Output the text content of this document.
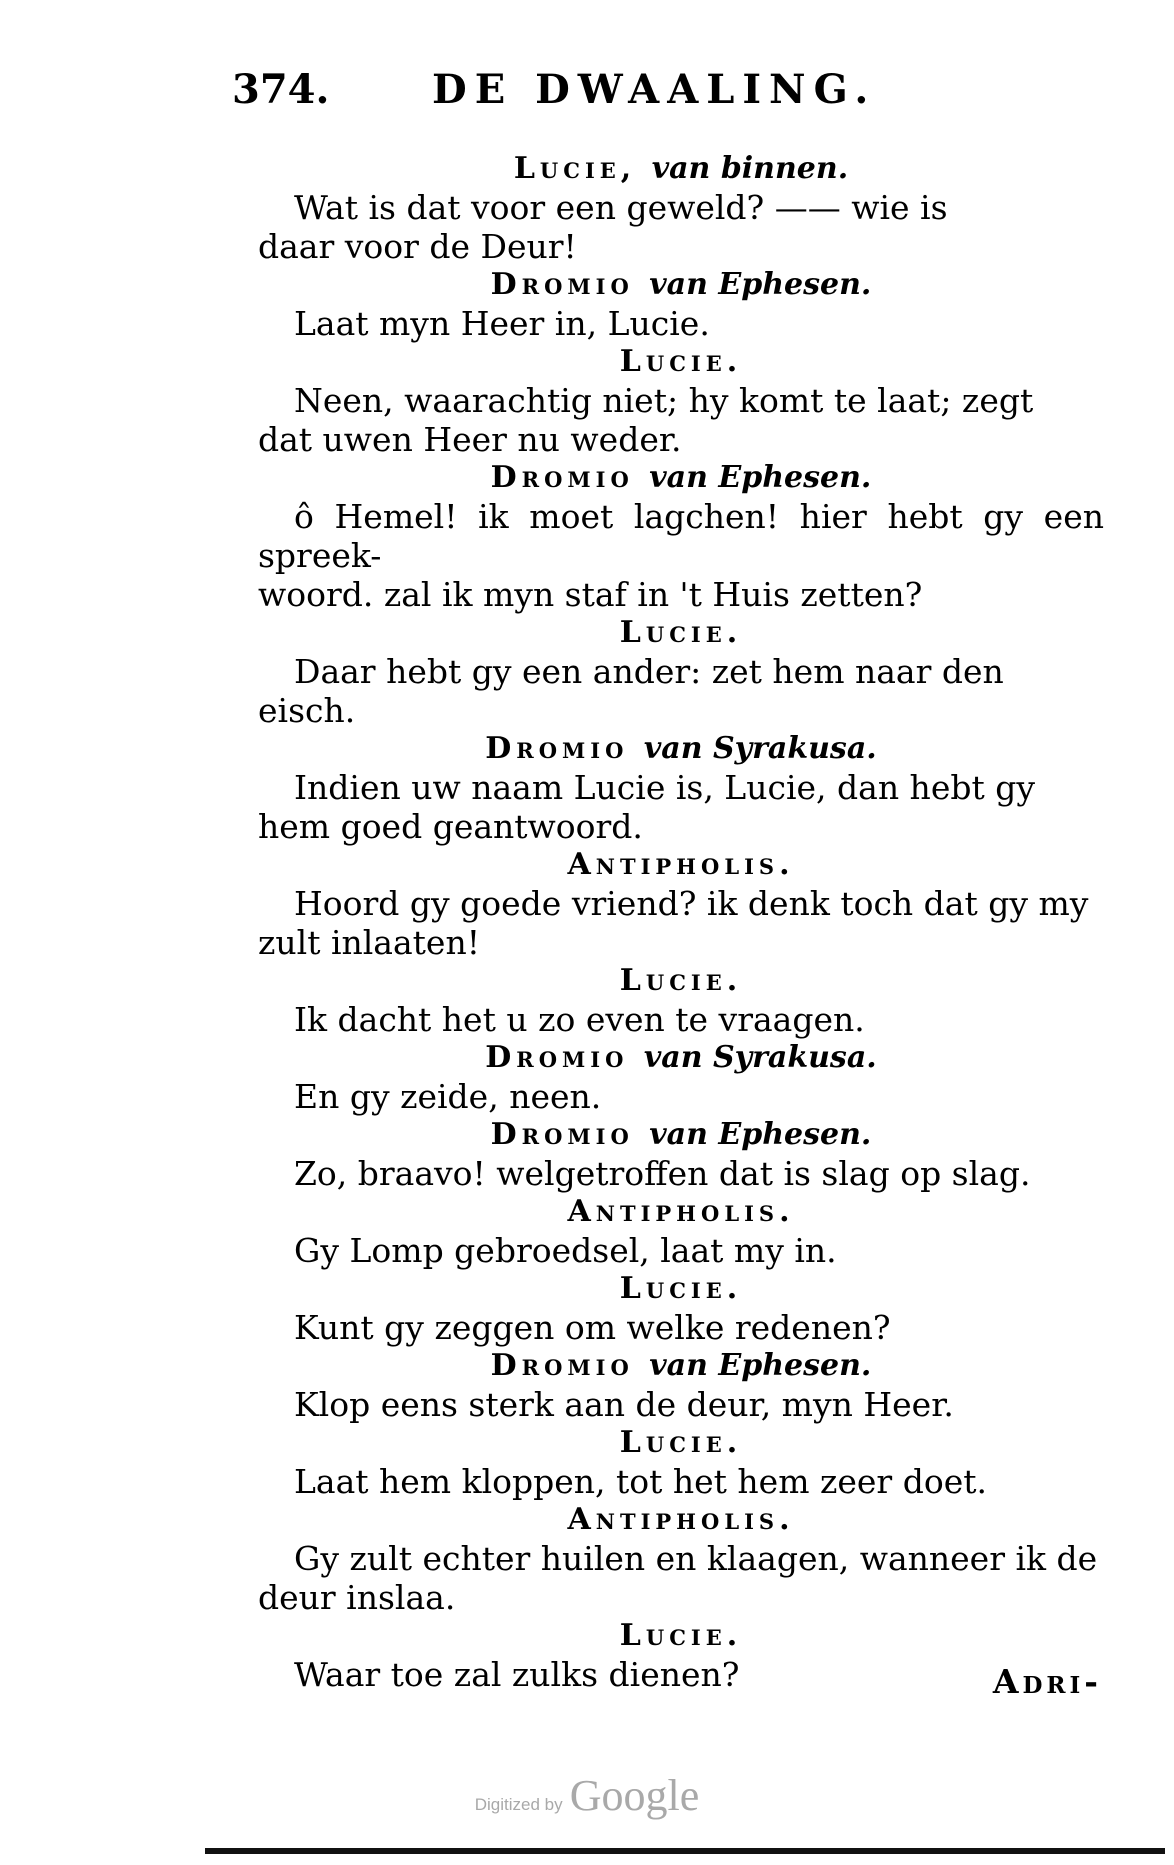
374.	DE DWAALING.
Lucie, van binnen.

Wat is dat voor een geweld? —— wie is

daar voor de Deur!

Dromio van Ephesen.

Laat myn Heer in, Lucie.

Lucie.

Neen, waarachtig niet; hy komt te laat; zegt

dat uwen Heer nu weder.

Dromio van Ephesen.

ô Hemel! ik moet lagchen! hier hebt gy een spreek-

woord. zal ik myn staf in 't Huis zetten?

Lucie.

Daar hebt gy een ander: zet hem naar den

eisch.

Dromio van Syrakusa.

Indien uw naam Lucie is, Lucie, dan hebt gy

hem goed geantwoord.

Antipholis.

Hoord gy goede vriend? ik denk toch dat gy my

zult inlaaten!

Lucie.

Ik dacht het u zo even te vraagen.

Dromio van Syrakusa.

En gy zeide, neen.

Dromio van Ephesen.

Zo, braavo! welgetroffen dat is slag op slag.

Antipholis.

Gy Lomp gebroedsel, laat my in.

Lucie.

Kunt gy zeggen om welke redenen?

Dromio van Ephesen.

Klop eens sterk aan de deur, myn Heer.

Lucie.

Laat hem kloppen, tot het hem zeer doet.

Antipholis.

Gy zult echter huilen en klaagen, wanneer ik de

deur inslaa.

Lucie.

Waar toe zal zulks dienen?	Adri-
Digitized by Google
